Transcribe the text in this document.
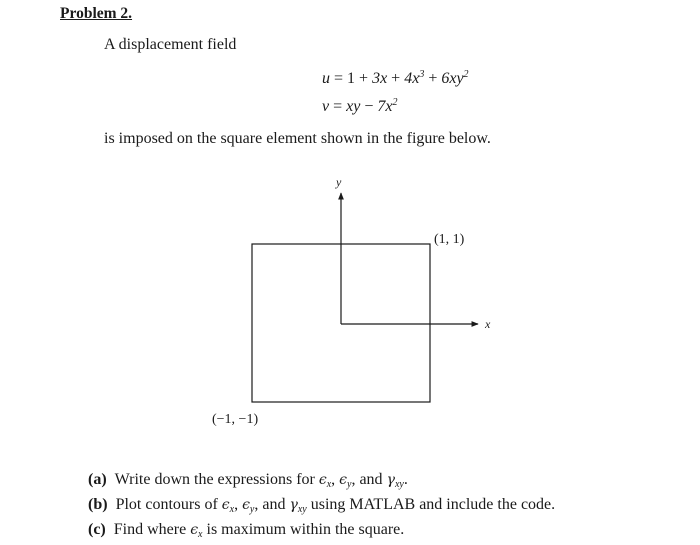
Problem 2.
A displacement field
$u = 1 + 3x + 4x^3 + 6xy^2$
v = xy − $7x^2$
is imposed on the square element shown in the figure below.
y
x
(1, 1)
(−1, −1)
(a) Write down the expressions for $\epsilon_x$, $\epsilon_y$, and $\gamma_{xy}$.
(b) Plot contours of $\epsilon_x$, $\epsilon_y$, and $\gamma_{xy}$ using MATLAB and include the code.
(c) Find where $\epsilon_x$ is maximum within the square.
